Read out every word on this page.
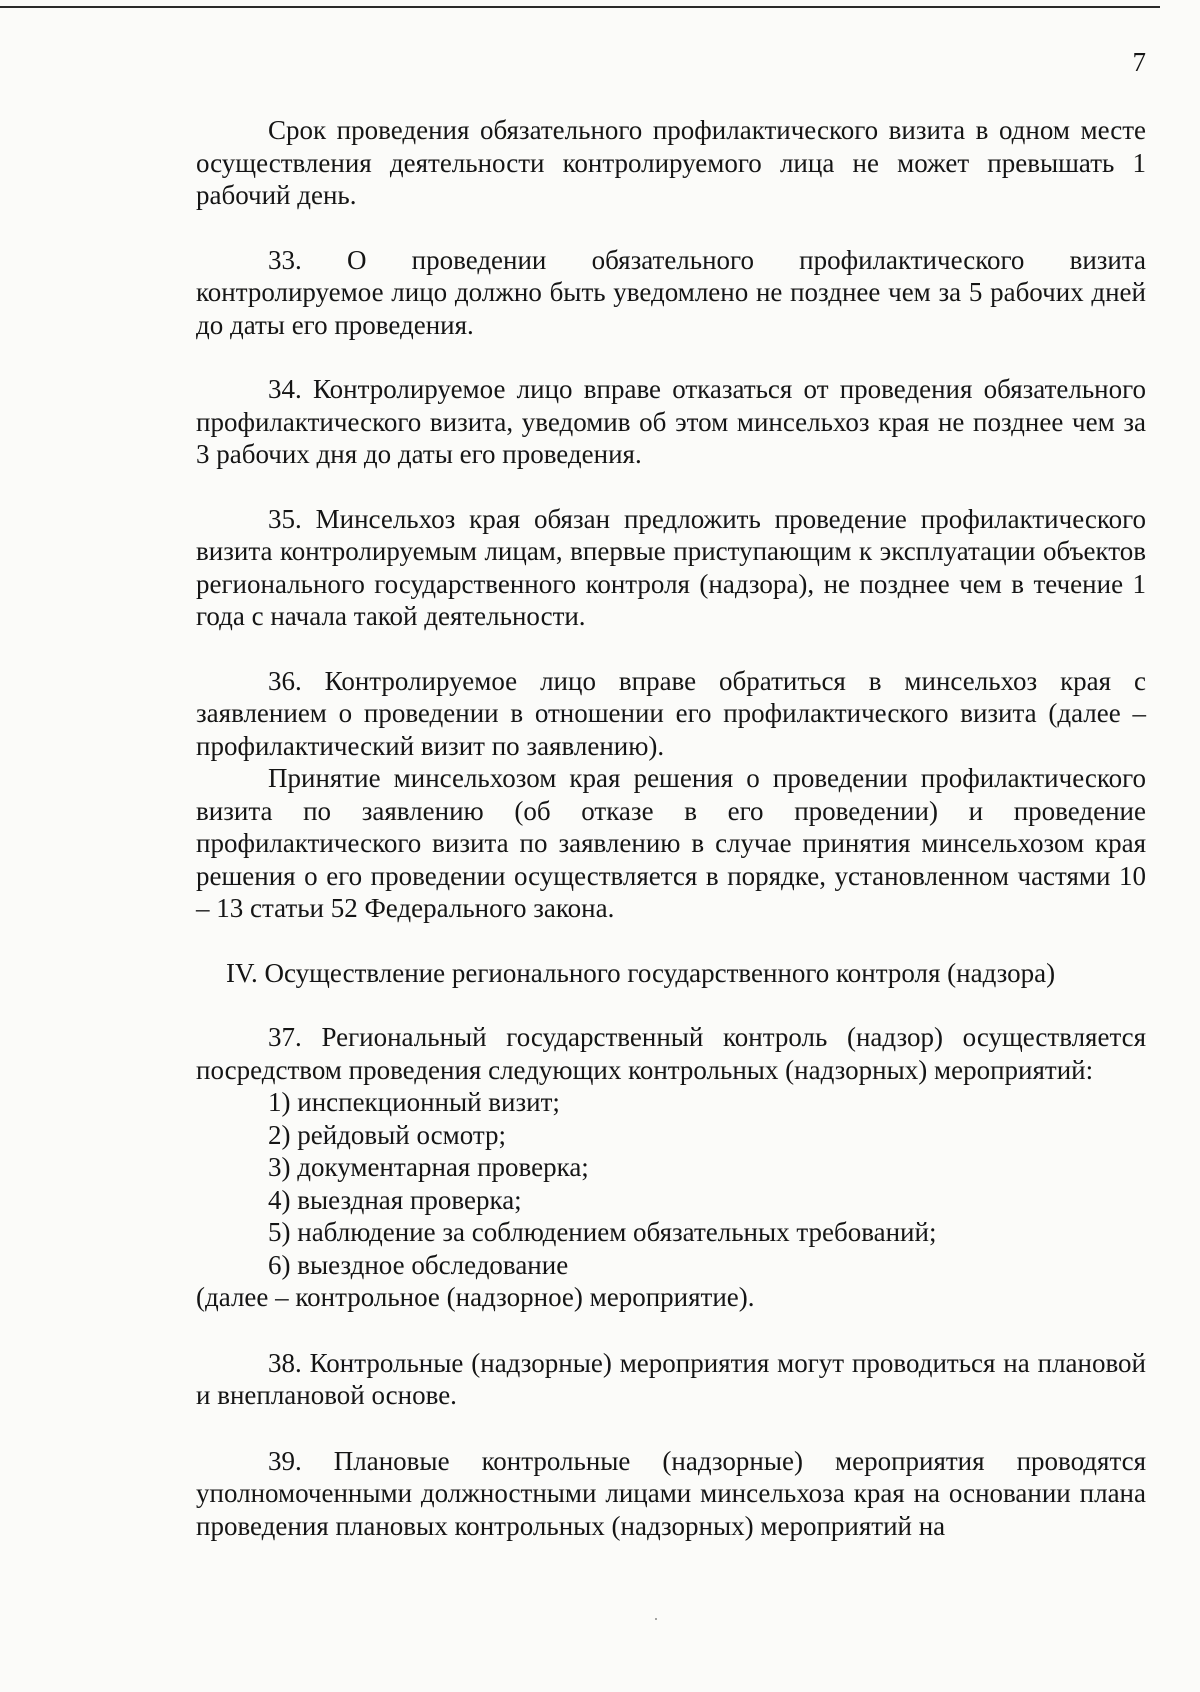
7

Срок проведения обязательного профилактического визита в одном месте осуществления деятельности контролируемого лица не может превышать 1 рабочий день.

33. О проведении обязательного профилактического визита контролируемое лицо должно быть уведомлено не позднее чем за 5 рабочих дней до даты его проведения.

34. Контролируемое лицо вправе отказаться от проведения обязательного профилактического визита, уведомив об этом минсельхоз края не позднее чем за 3 рабочих дня до даты его проведения.

35. Минсельхоз края обязан предложить проведение профилактического визита контролируемым лицам, впервые приступающим к эксплуатации объектов регионального государственного контроля (надзора), не позднее чем в течение 1 года с начала такой деятельности.

36. Контролируемое лицо вправе обратиться в минсельхоз края с заявлением о проведении в отношении его профилактического визита (далее – профилактический визит по заявлению).

Принятие минсельхозом края решения о проведении профилактического визита по заявлению (об отказе в его проведении) и проведение профилактического визита по заявлению в случае принятия минсельхозом края решения о его проведении осуществляется в порядке, установленном частями 10 – 13 статьи 52 Федерального закона.

IV. Осуществление регионального государственного контроля (надзора)

37. Региональный государственный контроль (надзор) осуществляется посредством проведения следующих контрольных (надзорных) мероприятий:

1) инспекционный визит;

2) рейдовый осмотр;

3) документарная проверка;

4) выездная проверка;

5) наблюдение за соблюдением обязательных требований;

6) выездное обследование

(далее – контрольное (надзорное) мероприятие).

38. Контрольные (надзорные) мероприятия могут проводиться на плановой и внеплановой основе.

39. Плановые контрольные (надзорные) мероприятия проводятся уполномоченными должностными лицами минсельхоза края на основании плана проведения плановых контрольных (надзорных) мероприятий на
